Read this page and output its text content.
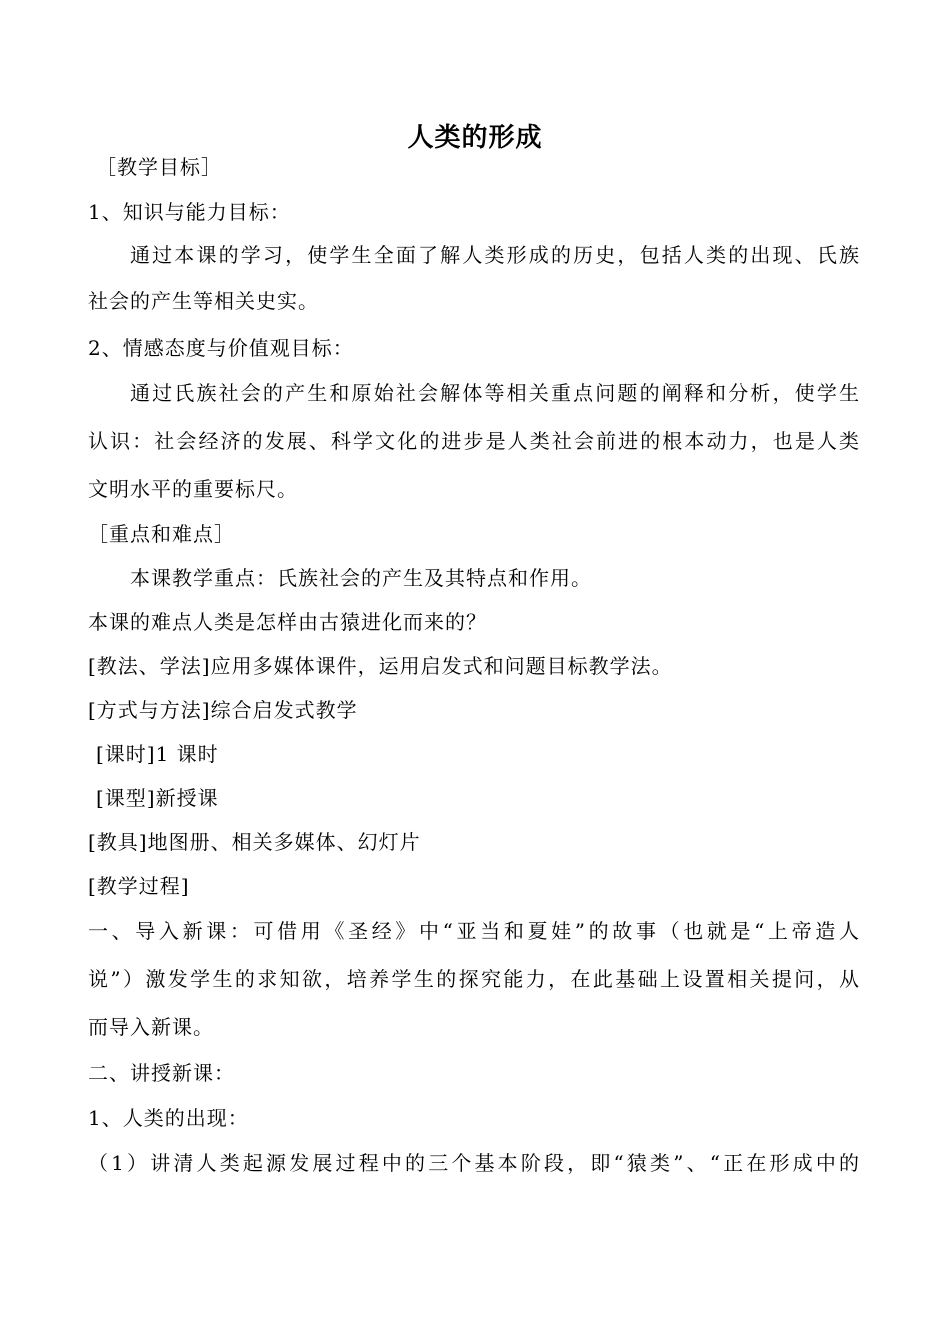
人类的形成
［教学目标］
1、知识与能力目标：
通过本课的学习，使学生全面了解人类形成的历史，包括人类的出现、氏族
社会的产生等相关史实。
2、情感态度与价值观目标：
通过氏族社会的产生和原始社会解体等相关重点问题的阐释和分析，使学生
认识：社会经济的发展、科学文化的进步是人类社会前进的根本动力，也是人类
文明水平的重要标尺。
［重点和难点］
本课教学重点：氏族社会的产生及其特点和作用。
本课的难点人类是怎样由古猿进化而来的？
[教法、学法]应用多媒体课件，运用启发式和问题目标教学法。
[方式与方法]综合启发式教学
[课时]1 课时
[课型]新授课
[教具]地图册、相关多媒体、幻灯片
[教学过程]
一、导入新课：可借用《圣经》中“亚当和夏娃”的故事（也就是“上帝造人
说”）激发学生的求知欲，培养学生的探究能力，在此基础上设置相关提问，从
而导入新课。
二、讲授新课：
1、人类的出现：
（1）讲清人类起源发展过程中的三个基本阶段，即“猿类”、“正在形成中的
